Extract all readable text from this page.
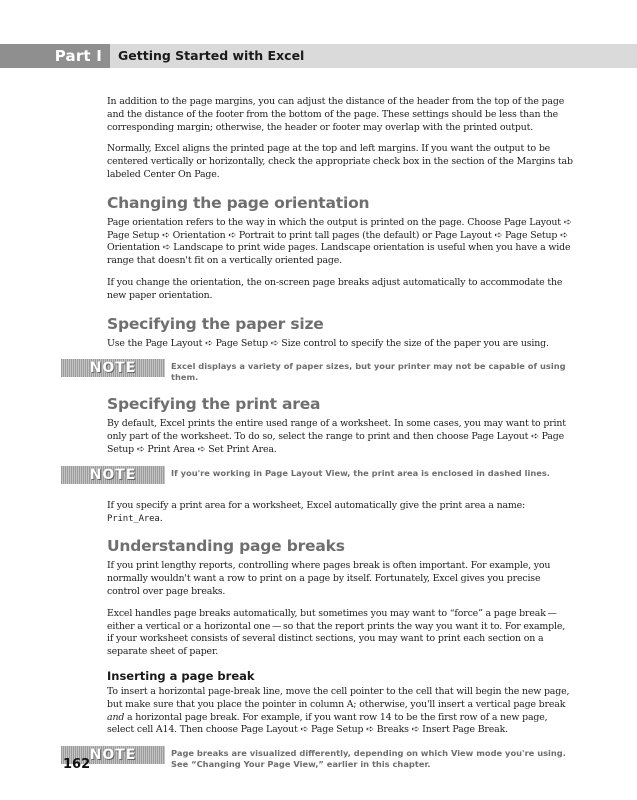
Part I	Getting Started with Excel

In addition to the page margins, you can adjust the distance of the header from the top of the page and the distance of the footer from the bottom of the page. These settings should be less than the corresponding margin; otherwise, the header or footer may overlap with the printed output.

Normally, Excel aligns the printed page at the top and left margins. If you want the output to be centered vertically or horizontally, check the appropriate check box in the section of the Margins tab labeled Center On Page.

Changing the page orientation

Page orientation refers to the way in which the output is printed on the page. Choose Page Layout ➪ Page Setup ➪ Orientation ➪ Portrait to print tall pages (the default) or Page Layout ➪ Page Setup ➪ Orientation ➪ Landscape to print wide pages. Landscape orientation is useful when you have a wide range that doesn't fit on a vertically oriented page.

If you change the orientation, the on-screen page breaks adjust automatically to accommodate the new paper orientation.

Specifying the paper size

Use the Page Layout ➪ Page Setup ➪ Size control to specify the size of the paper you are using.

NOTE	Excel displays a variety of paper sizes, but your printer may not be capable of using them.
Specifying the print area

By default, Excel prints the entire used range of a worksheet. In some cases, you may want to print only part of the worksheet. To do so, select the range to print and then choose Page Layout ➪ Page Setup ➪ Print Area ➪ Set Print Area.

NOTE	If you're working in Page Layout View, the print area is enclosed in dashed lines.

If you specify a print area for a worksheet, Excel automatically give the print area a name: Print_Area.

Understanding page breaks

If you print lengthy reports, controlling where pages break is often important. For example, you normally wouldn't want a row to print on a page by itself. Fortunately, Excel gives you precise control over page breaks.

Excel handles page breaks automatically, but sometimes you may want to “force” a page break — either a vertical or a horizontal one — so that the report prints the way you want it to. For example, if your worksheet consists of several distinct sections, you may want to print each section on a separate sheet of paper.

Inserting a page break

To insert a horizontal page-break line, move the cell pointer to the cell that will begin the new page, but make sure that you place the pointer in column A; otherwise, you'll insert a vertical page break and a horizontal page break. For example, if you want row 14 to be the first row of a new page, select cell A14. Then choose Page Layout ➪ Page Setup ➪ Breaks ➪ Insert Page Break.

NOTE	Page breaks are visualized differently, depending on which View mode you're using. See “Changing Your Page View,” earlier in this chapter.
162
